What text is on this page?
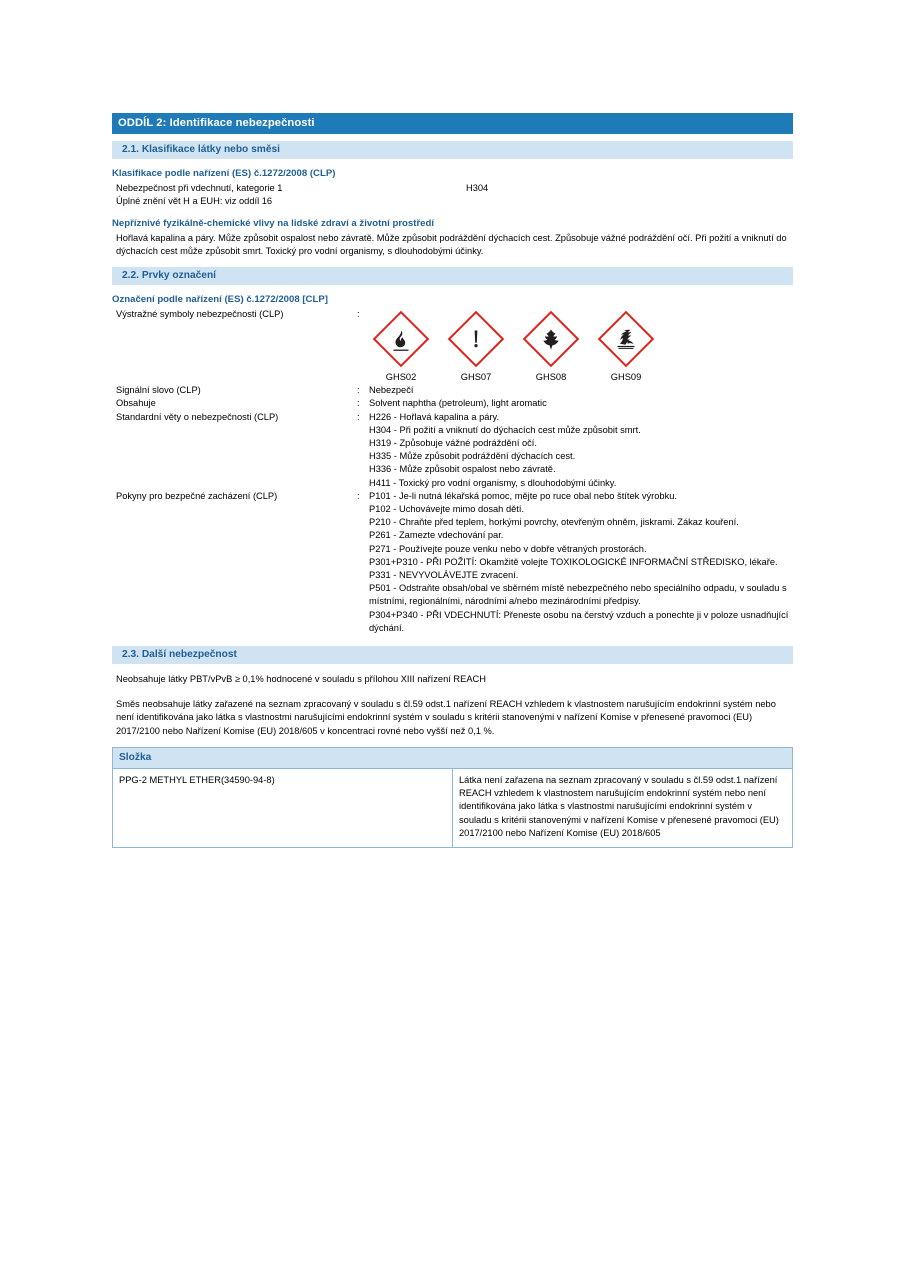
ODDÍL 2: Identifikace nebezpečnosti
2.1. Klasifikace látky nebo směsi
Klasifikace podle nařízení (ES) č.1272/2008 (CLP)
Nebezpečnost při vdechnutí, kategorie 1	H304
Úplné znění vět H a EUH: viz oddíl 16
Nepříznivé fyzikálně-chemické vlivy na lidské zdraví a životní prostředí
Hořlavá kapalina a páry. Může způsobit ospalost nebo závratě. Může způsobit podráždění dýchacích cest. Způsobuje vážné podráždění očí. Při požití a vniknutí do dýchacích cest může způsobit smrt. Toxický pro vodní organismy, s dlouhodobými účinky.
2.2. Prvky označení
Označení podle nařízení (ES) č.1272/2008 [CLP]
Výstražné symboly nebezpečnosti (CLP)	:
GHS02	GHS07	GHS08	GHS09
Signální slovo (CLP)	:	Nebezpečí
Obsahuje	:	Solvent naphtha (petroleum), light aromatic
Standardní věty o nebezpečnosti (CLP)	:	H226 - Hořlavá kapalina a páry.
H304 - Při požití a vniknutí do dýchacích cest může způsobit smrt.
H319 - Způsobuje vážné podráždění očí.
H335 - Může způsobit podráždění dýchacích cest.
H336 - Může způsobit ospalost nebo závratě.
H411 - Toxický pro vodní organismy, s dlouhodobými účinky.
Pokyny pro bezpečné zacházení (CLP)	:	P101 - Je-li nutná lékařská pomoc, mějte po ruce obal nebo štítek výrobku.
P102 - Uchovávejte mimo dosah dětí.
P210 - Chraňte před teplem, horkými povrchy, otevřeným ohněm, jiskrami. Zákaz kouření.
P261 - Zamezte vdechování par.
P271 - Používejte pouze venku nebo v dobře větraných prostorách.
P301+P310 - PŘI POŽITÍ: Okamžitě volejte TOXIKOLOGICKÉ INFORMAČNÍ STŘEDISKO, lékaře.
P331 - NEVYVOLÁVEJTE zvracení.
P501 - Odstraňte obsah/obal ve sběrném místě nebezpečného nebo speciálního odpadu, v souladu s místními, regionálními, národními a/nebo mezinárodními předpisy.
P304+P340 - PŘI VDECHNUTÍ: Přeneste osobu na čerstvý vzduch a ponechte ji v poloze usnadňující dýchání.
2.3. Další nebezpečnost
Neobsahuje látky PBT/vPvB ≥ 0,1% hodnocené v souladu s přílohou XIII nařízení REACH
Směs neobsahuje látky zařazené na seznam zpracovaný v souladu s čl.59 odst.1 nařízení REACH vzhledem k vlastnostem narušujícím endokrinní systém nebo není identifikována jako látka s vlastnostmi narušujícími endokrinní systém v souladu s kritérii stanovenými v nařízení Komise v přenesené pravomoci (EU) 2017/2100 nebo Nařízení Komise (EU) 2018/605 v koncentraci rovné nebo vyšší než 0,1 %.
Složka
PPG-2 METHYL ETHER(34590-94-8)	Látka není zařazena na seznam zpracovaný v souladu s čl.59 odst.1 nařízení REACH vzhledem k vlastnostem narušujícím endokrinní systém nebo není identifikována jako látka s vlastnostmi narušujícími endokrinní systém v souladu s kritérii stanovenými v nařízení Komise v přenesené pravomoci (EU) 2017/2100 nebo Nařízení Komise (EU) 2018/605
